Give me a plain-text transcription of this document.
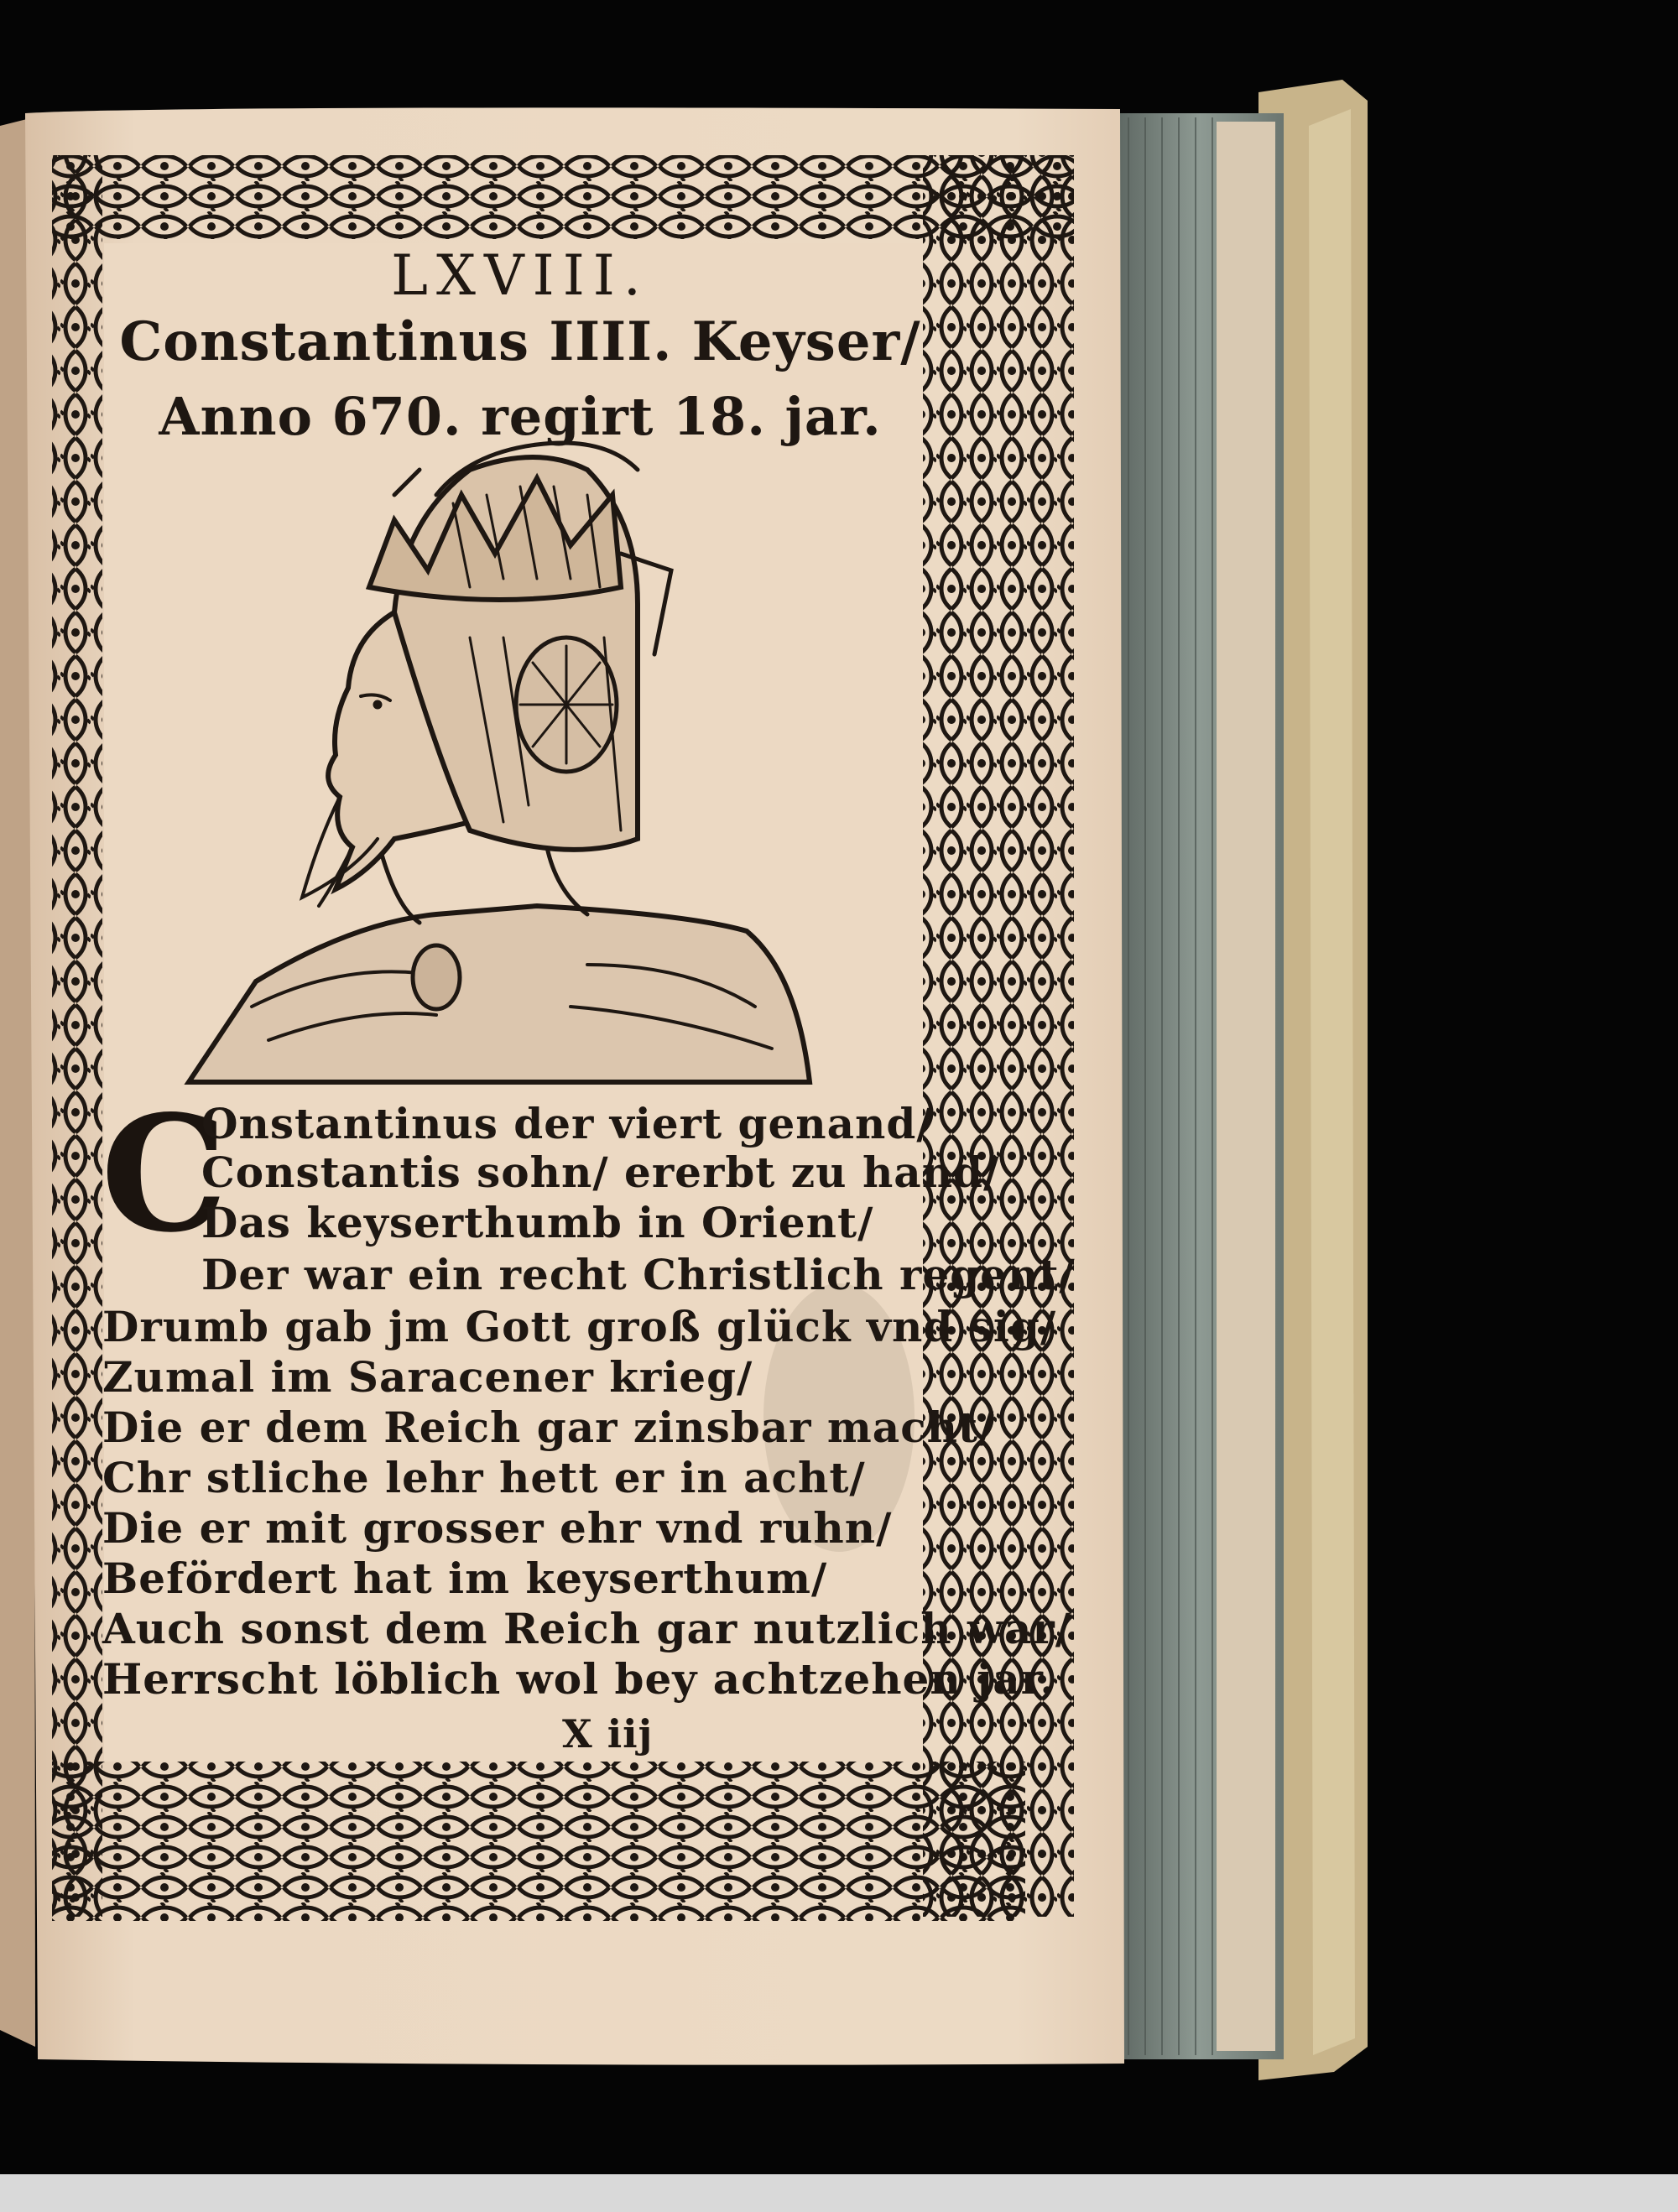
LXVIII.

Constantinus IIII. Keyser/

Anno 670. regirt 18. jar.

C

Onstantinus der viert genand/

Constantis sohn/ ererbt zu hand/

Das keyserthumb in Orient/

Der war ein recht Christlich regent/

Drumb gab jm Gott groß glück vnd sig/

Zumal im Saracener krieg/

Die er dem Reich gar zinsbar macht/

Chr stliche lehr hett er in acht/

Die er mit grosser ehr vnd ruhn/

Befördert hat im keyserthum/

Auch sonst dem Reich gar nutzlich war/

Herrscht löblich wol bey achtzehen jar.

X iij
